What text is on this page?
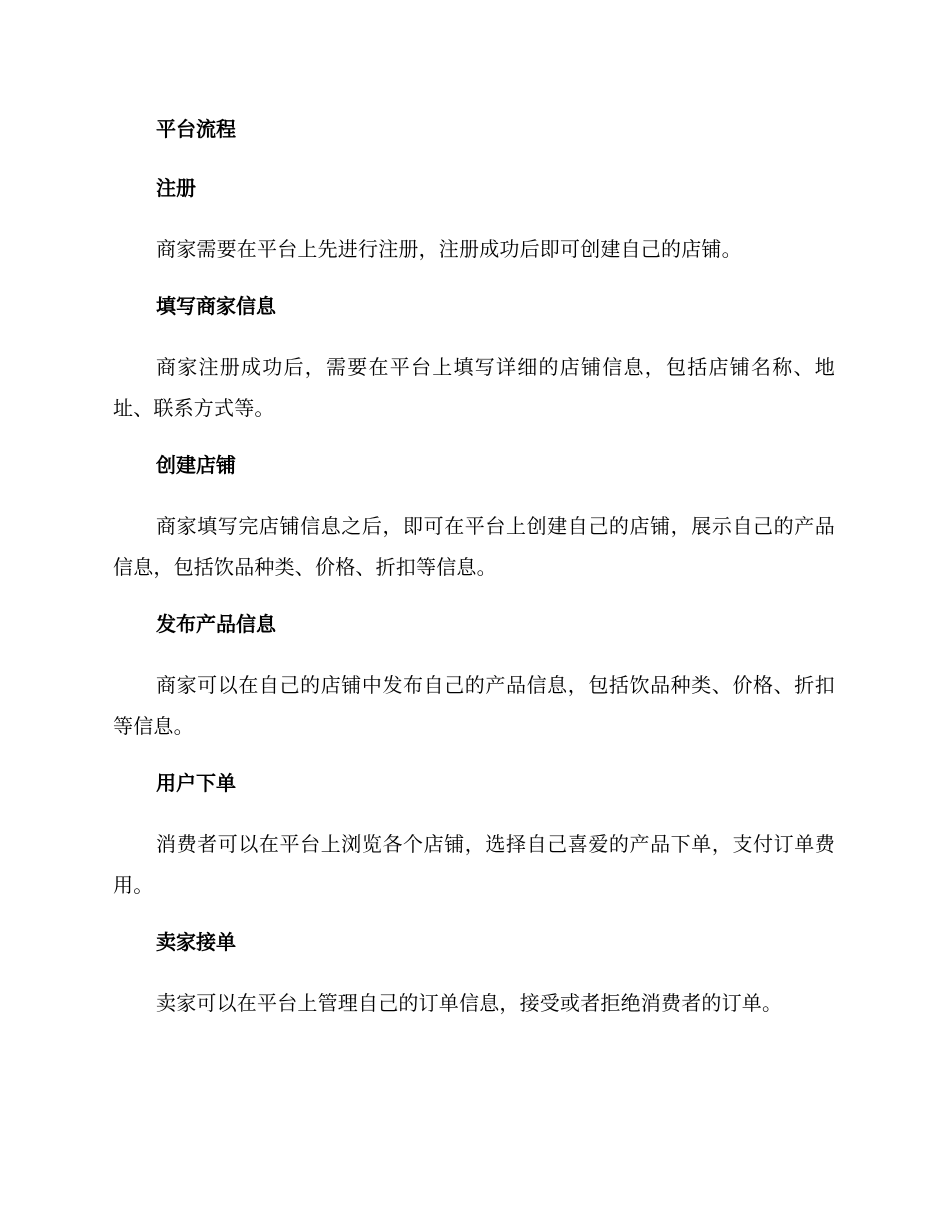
平台流程
注册

商家需要在平台上先进行注册，注册成功后即可创建自己的店铺。

填写商家信息

商家注册成功后，需要在平台上填写详细的店铺信息，包括店铺名称、地址、联系方式等。

创建店铺

商家填写完店铺信息之后，即可在平台上创建自己的店铺，展示自己的产品信息，包括饮品种类、价格、折扣等信息。

发布产品信息

商家可以在自己的店铺中发布自己的产品信息，包括饮品种类、价格、折扣等信息。

用户下单

消费者可以在平台上浏览各个店铺，选择自己喜爱的产品下单，支付订单费用。

卖家接单

卖家可以在平台上管理自己的订单信息，接受或者拒绝消费者的订单。
